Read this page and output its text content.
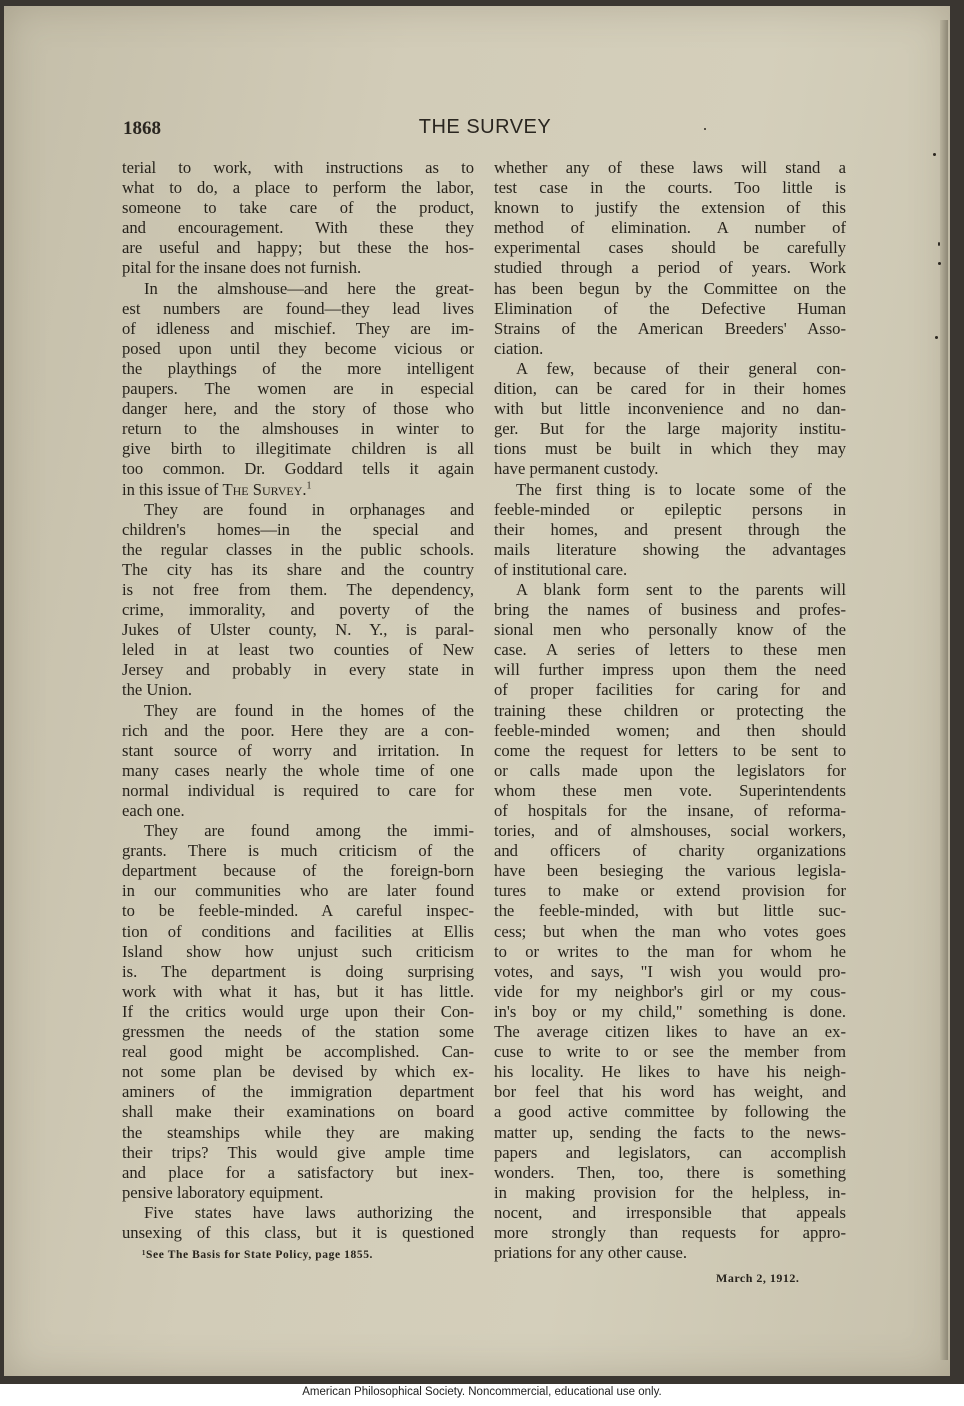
1868	THE SURVEY
terial to work, with instructions as to
what to do, a place to perform the labor,
someone to take care of the product,
and encouragement. With these they
are useful and happy; but these the hos-
pital for the insane does not furnish.
In the almshouse—and here the great-
est numbers are found—they lead lives
of idleness and mischief. They are im-
posed upon until they become vicious or
the playthings of the more intelligent
paupers. The women are in especial
danger here, and the story of those who
return to the almshouses in winter to
give birth to illegitimate children is all
too common. Dr. Goddard tells it again
in this issue of The Survey.$^1$
They are found in orphanages and
children's homes—in the special and
the regular classes in the public schools.
The city has its share and the country
is not free from them. The dependency,
crime, immorality, and poverty of the
Jukes of Ulster county, N. Y., is paral-
leled in at least two counties of New
Jersey and probably in every state in
the Union.
They are found in the homes of the
rich and the poor. Here they are a con-
stant source of worry and irritation. In
many cases nearly the whole time of one
normal individual is required to care for
each one.
They are found among the immi-
grants. There is much criticism of the
department because of the foreign-born
in our communities who are later found
to be feeble-minded. A careful inspec-
tion of conditions and facilities at Ellis
Island show how unjust such criticism
is. The department is doing surprising
work with what it has, but it has little.
If the critics would urge upon their Con-
gressmen the needs of the station some
real good might be accomplished. Can-
not some plan be devised by which ex-
aminers of the immigration department
shall make their examinations on board
the steamships while they are making
their trips? This would give ample time
and place for a satisfactory but inex-
pensive laboratory equipment.
Five states have laws authorizing the
unsexing of this class, but it is questioned
whether any of these laws will stand a
test case in the courts. Too little is
known to justify the extension of this
method of elimination. A number of
experimental cases should be carefully
studied through a period of years. Work
has been begun by the Committee on the
Elimination of the Defective Human
Strains of the American Breeders' Asso-
ciation.
A few, because of their general con-
dition, can be cared for in their homes
with but little inconvenience and no dan-
ger. But for the large majority institu-
tions must be built in which they may
have permanent custody.
The first thing is to locate some of the
feeble-minded or epileptic persons in
their homes, and present through the
mails literature showing the advantages
of institutional care.
A blank form sent to the parents will
bring the names of business and profes-
sional men who personally know of the
case. A series of letters to these men
will further impress upon them the need
of proper facilities for caring for and
training these children or protecting the
feeble-minded women; and then should
come the request for letters to be sent to
or calls made upon the legislators for
whom these men vote. Superintendents
of hospitals for the insane, of reforma-
tories, and of almshouses, social workers,
and officers of charity organizations
have been besieging the various legisla-
tures to make or extend provision for
the feeble-minded, with but little suc-
cess; but when the man who votes goes
to or writes to the man for whom he
votes, and says, "I wish you would pro-
vide for my neighbor's girl or my cous-
in's boy or my child," something is done.
The average citizen likes to have an ex-
cuse to write to or see the member from
his locality. He likes to have his neigh-
bor feel that his word has weight, and
a good active committee by following the
matter up, sending the facts to the news-
papers and legislators, can accomplish
wonders. Then, too, there is something
in making provision for the helpless, in-
nocent, and irresponsible that appeals
more strongly than requests for appro-
priations for any other cause.
¹See The Basis for State Policy, page 1855.
March 2, 1912.
American Philosophical Society. Noncommercial, educational use only.
